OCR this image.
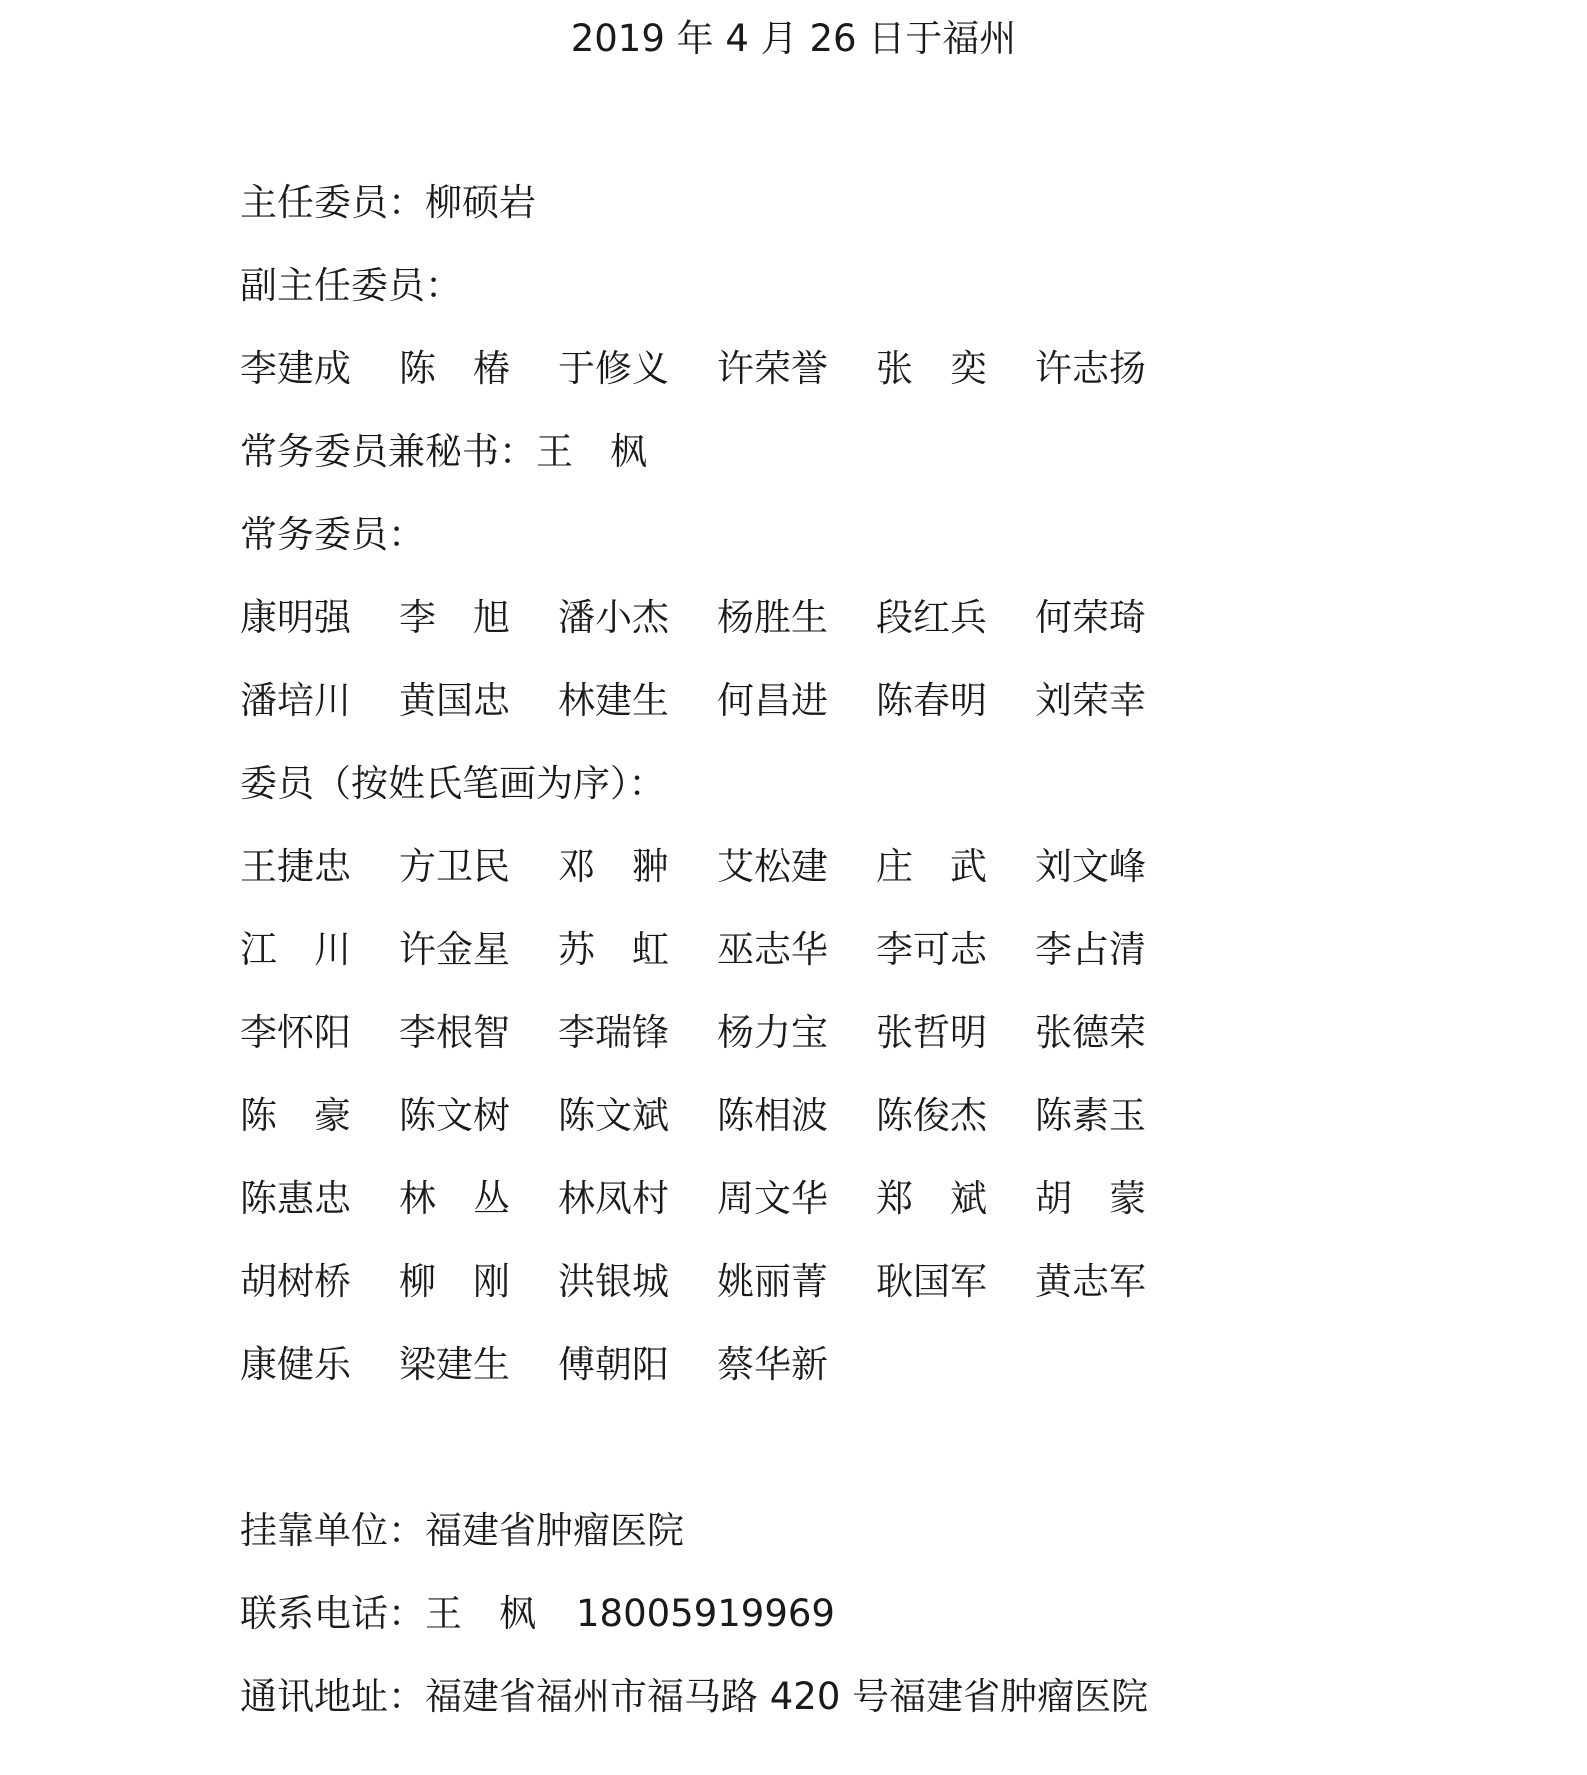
2019 年 4 月 26 日于福州
主任委员：柳硕岩
副主任委员：
李建成	陈　椿	于修义	许荣誉	张　奕	许志扬
常务委员兼秘书：王　枫
常务委员：
康明强	李　旭	潘小杰	杨胜生	段红兵	何荣琦
潘培川	黄国忠	林建生	何昌进	陈春明	刘荣幸
委员（按姓氏笔画为序）：
王捷忠	方卫民	邓　翀	艾松建	庄　武	刘文峰
江　川	许金星	苏　虹	巫志华	李可志	李占清
李怀阳	李根智	李瑞锋	杨力宝	张哲明	张德荣
陈　豪	陈文树	陈文斌	陈相波	陈俊杰	陈素玉
陈惠忠	林　丛	林凤村	周文华	郑　斌	胡　蒙
胡树桥	柳　刚	洪银城	姚丽菁	耿国军	黄志军
康健乐	梁建生	傅朝阳	蔡华新
挂靠单位：福建省肿瘤医院
联系电话：王　枫 18005919969
通讯地址：福建省福州市福马路 420 号福建省肿瘤医院
